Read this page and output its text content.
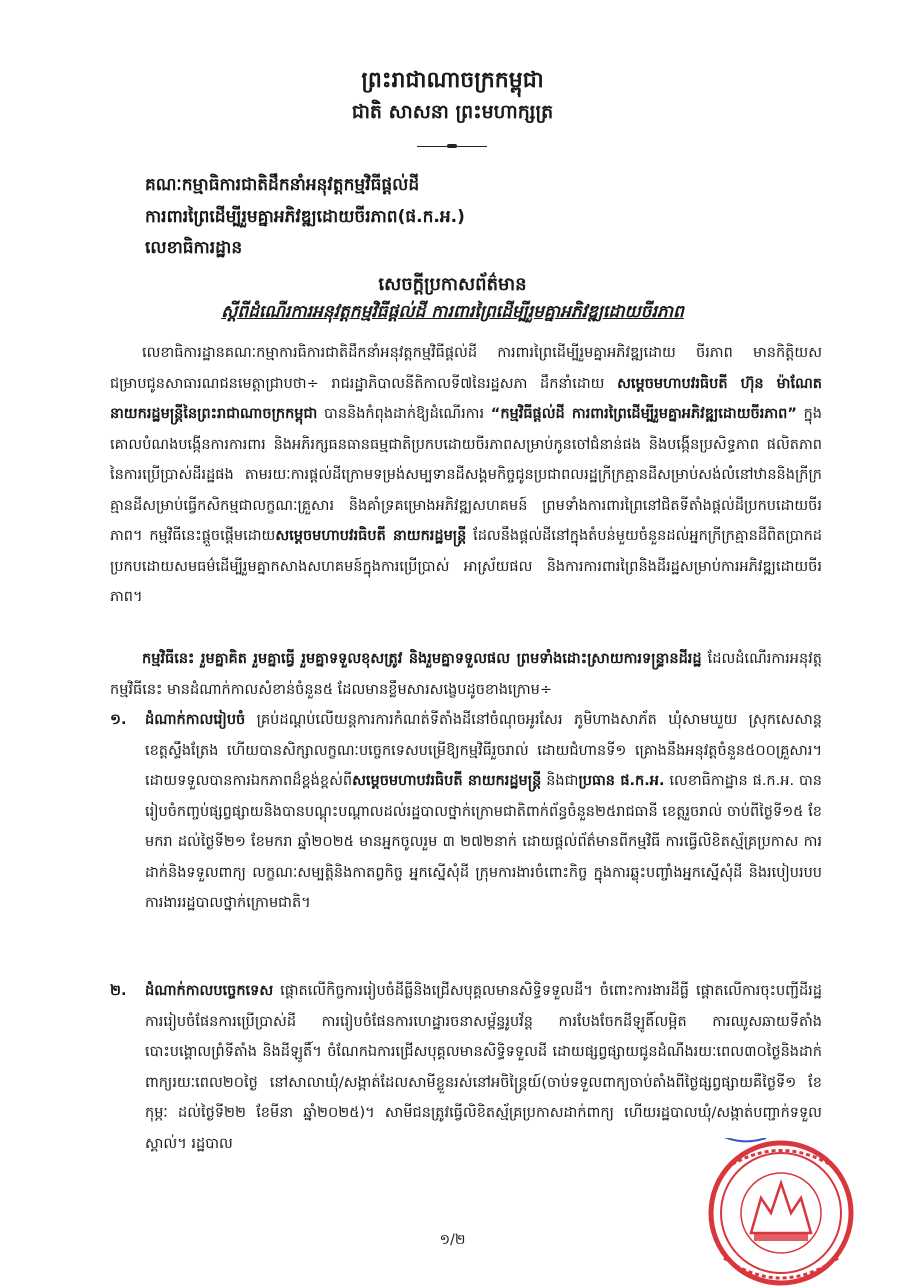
ព្រះរាជាណាចក្រកម្ពុជា
ជាតិ សាសនា ព្រះមហាក្សត្រ
គណៈកម្មាធិការជាតិដឹកនាំអនុវត្តកម្មវិធីផ្តល់ដី
ការពារព្រៃដើម្បីរួមគ្នាអភិវឌ្ឍដោយចីរភាព(ផ.ក.អ.)
លេខាធិការដ្ឋាន
សេចក្តីប្រកាសព័ត៌មាន
ស្តីពីដំណើរការអនុវត្តកម្មវិធីផ្តល់ដី ការពារព្រៃដើម្បីរួមគ្នាអភិវឌ្ឍដោយចីរភាព
លេខាធិការដ្ឋានគណៈកម្មាការធិការជាតិដឹកនាំអនុវត្តកម្មវិធីផ្តល់ដី ការពារព្រៃដើម្បីរួមគ្នាអភិវឌ្ឍដោយ ចីរភាព មានកិត្តិយសជម្រាបជូនសាធារណជនមេត្តាជ្រាបថា÷ រាជរដ្ឋាភិបាលនីតិកាលទី៧នៃរដ្ឋសភា ដឹកនាំដោយ សម្តេចមហាបវរធិបតី ហ៊ុន ម៉ាណែត នាយករដ្ឋមន្ត្រីនៃព្រះរាជាណាចក្រកម្ពុជា បាននិងកំពុងដាក់ឱ្យដំណើរការ “កម្មវិធីផ្តល់ដី ការពារព្រៃដើម្បីរួមគ្នាអភិវឌ្ឍដោយចីរភាព” ក្នុងគោលបំណងបង្កើនការការពារ និងអភិរក្សធនធានធម្មជាតិប្រកបដោយចីរភាពសម្រាប់កូនចៅជំនាន់ផង និងបង្កើនប្រសិទ្ធភាព ផលិតភាពនៃការប្រើប្រាស់ដីរដ្ឋផង តាមរយៈការផ្តល់ដីក្រោមទម្រង់សម្បទានដីសង្គមកិច្ចជូនប្រជាពលរដ្ឋក្រីក្រគ្មានដីសម្រាប់សង់លំនៅឋាននិងក្រីក្រគ្មានដីសម្រាប់ធ្វើកសិកម្មជាលក្ខណៈគ្រួសារ និងគាំទ្រគម្រោងអភិវឌ្ឍសហគមន៍ ព្រមទាំងការពារព្រៃនៅជិតទីតាំងផ្តល់ដីប្រកបដោយចីរភាព។ កម្មវិធីនេះផ្តួចផ្តើមដោយសម្តេចមហាបវរធិបតី នាយករដ្ឋមន្ត្រី ដែលនឹងផ្តល់ដីនៅក្នុងតំបន់មួយចំនួនដល់អ្នកក្រីក្រគ្មានដីពិតប្រាកដ ប្រកបដោយសមធម៌ដើម្បីរួមគ្នាកសាងសហគមន៍ក្នុងការប្រើប្រាស់ អាស្រ័យផល និងការការពារព្រៃនិងដីរដ្ឋសម្រាប់ការអភិវឌ្ឍដោយចីរភាព។
កម្មវិធីនេះ រួមគ្នាគិត រួមគ្នាធ្វើ រួមគ្នាទទួលខុសត្រូវ និងរួមគ្នាទទួលផល ព្រមទាំងដោះស្រាយការទន្ទ្រានដីរដ្ឋ ដែលដំណើរការអនុវត្តកម្មវិធីនេះ មានដំណាក់កាលសំខាន់ចំនួន៥ ដែលមានខ្លឹមសារសង្ខេបដូចខាងក្រោម÷
១.	ដំណាក់កាលរៀបចំ គ្រប់ដណ្តប់លើយន្តការការកំណត់ទីតាំងដីនៅចំណុចអូរសែរ ភូមិហាងសាភ័ត ឃុំសាមឃួយ ស្រុកសេសាន្ត ខេត្តស្ទឹងត្រែង ហើយបានសិក្សាលក្ខណៈបច្ចេកទេសបម្រើឱ្យកម្មវិធីរួចរាល់ ដោយជំហានទី១ គ្រោងនឹងអនុវត្តចំនួន៥០០គ្រួសារ។ ដោយទទួលបានការឯកភាពដ៏ខ្ពង់ខ្ពស់ពីសម្តេចមហាបវរធិបតី នាយករដ្ឋមន្ត្រី និងជាប្រធាន ផ.ក.អ. លេខាធិកាដ្ឋាន ផ.ក.អ. បានរៀបចំកញ្ចប់ផ្សព្វផ្សាយនិងបានបណ្តុះបណ្តាលដល់រដ្ឋបាលថ្នាក់ក្រោមជាតិពាក់ព័ន្ធចំនួន២៥រាជធានី ខេត្តរួចរាល់ ចាប់ពីថ្ងៃទី១៥ ខែមករា ដល់ថ្ងៃទី២១ ខែមករា ឆ្នាំ២០២៥ មានអ្នកចូលរួម ៣ ២៧២នាក់ ដោយផ្តល់ព័ត៌មានពីកម្មវិធី ការធ្វើលិខិតស្ម័គ្រប្រកាស ការដាក់និងទទួលពាក្យ លក្ខណៈសម្បត្តិនិងកាតព្វកិច្ច អ្នកស្នើសុំដី ក្រុមការងារចំពោះកិច្ច ក្នុងការឆ្លុះបញ្ចាំងអ្នកស្នើសុំដី និងរបៀបរបបការងាររដ្ឋបាលថ្នាក់ក្រោមជាតិ។
២.	ដំណាក់កាលបច្ចេកទេស ផ្តោតលើកិច្ចការរៀបចំដីធ្លីនិងជ្រើសបុគ្គលមានសិទ្ធិទទួលដី។ ចំពោះការងារដីធ្លី ផ្តោតលើការចុះបញ្ជីដីរដ្ឋ ការរៀបចំផែនការប្រើប្រាស់ដី ការរៀបចំផែនការហេដ្ឋារចនាសម្ព័ន្ធរូបវ័ន្ត ការបែងចែកដីឡូតិ៍លម្អិត ការឈូសឆាយទីតាំង បោះបង្គោលព្រំទីតាំង និងដីឡូតិ៍។ ចំណែកឯការជ្រើសបុគ្គលមានសិទ្ធិទទួលដី ដោយផ្សព្វផ្សាយជូនដំណឹងរយៈពេល៣០ថ្ងៃនិងដាក់ពាក្យរយៈពេល២០ថ្ងៃ នៅសាលាឃុំ/សង្កាត់ដែលសាមីខ្លួនរស់នៅអចិន្ត្រៃយ៍(ចាប់ទទួលពាក្យចាប់តាំងពីថ្ងៃផ្សព្វផ្សាយគឺថ្ងៃទី១ ខែកុម្ភៈ ដល់ថ្ងៃទី២២ ខែមីនា ឆ្នាំ២០២៥)។ សាមីជនត្រូវធ្វើលិខិតស្ម័គ្រប្រកាសដាក់ពាក្យ ហើយរដ្ឋបាលឃុំ/សង្កាត់បញ្ជាក់ទទួលស្គាល់។ រដ្ឋបាល
១/២
